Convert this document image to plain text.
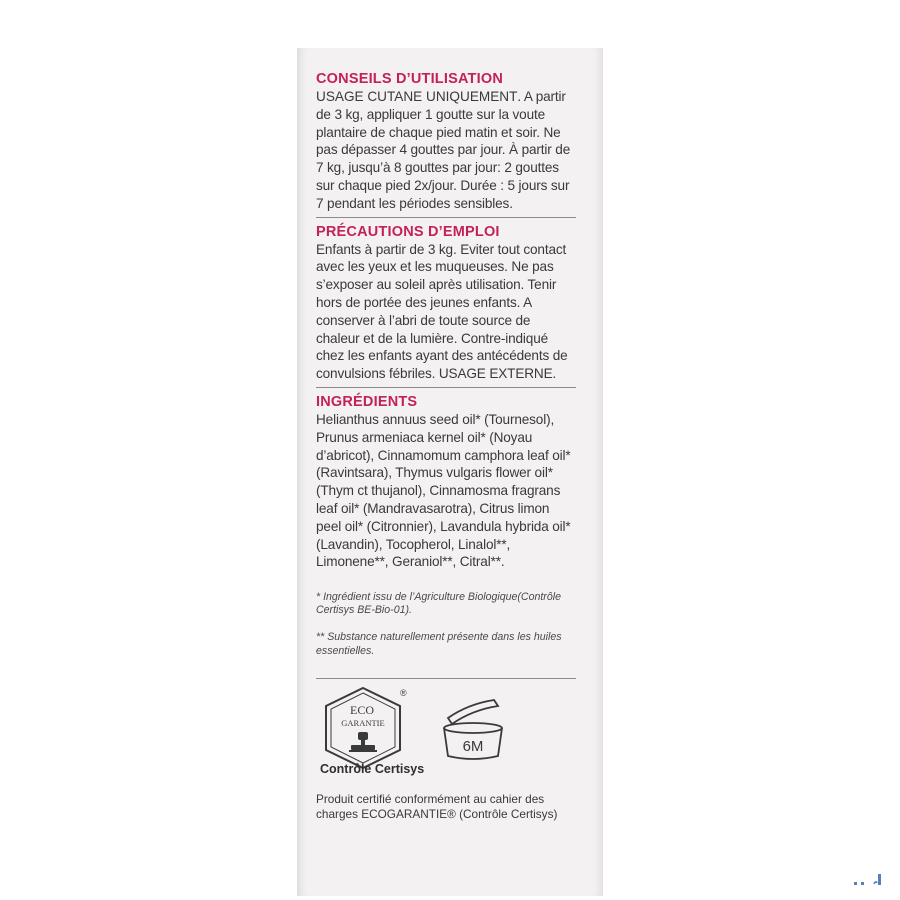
CONSEILS D’UTILISATION

USAGE CUTANE UNIQUEMENT. A partir de 3 kg, appliquer 1 goutte sur la voute plantaire de chaque pied matin et soir. Ne pas dépasser 4 gouttes par jour. À partir de 7 kg, jusqu’à 8 gouttes par jour: 2 gouttes sur chaque pied 2x/jour. Durée : 5 jours sur 7 pendant les périodes sensibles.

PRÉCAUTIONS D’EMPLOI

Enfants à partir de 3 kg. Eviter tout contact avec les yeux et les muqueuses. Ne pas s’exposer au soleil après utilisation. Tenir hors de portée des jeunes enfants. A conserver à l’abri de toute source de chaleur et de la lumière. Contre-indiqué chez les enfants ayant des antécédents de convulsions fébriles. USAGE EXTERNE.

INGRÉDIENTS

Helianthus annuus seed oil* (Tournesol), Prunus armeniaca kernel oil* (Noyau d’abricot), Cinnamomum camphora leaf oil* (Ravintsara), Thymus vulgaris flower oil* (Thym ct thujanol), Cinnamosma fragrans leaf oil* (Mandravasarotra), Citrus limon peel oil* (Citronnier), Lavandula hybrida oil* (Lavandin), Tocopherol, Linalol**, Limonene**, Geraniol**, Citral**.

* Ingrédient issu de l’Agriculture Biologique(Contrôle Certisys BE-Bio-01).

** Substance naturellement présente dans les huiles essentielles.

ECO
GARANTIE
®
Contrôle Certisys
6M
Produit certifié conformément au cahier des charges ECOGARANTIE® (Contrôle Certisys)
